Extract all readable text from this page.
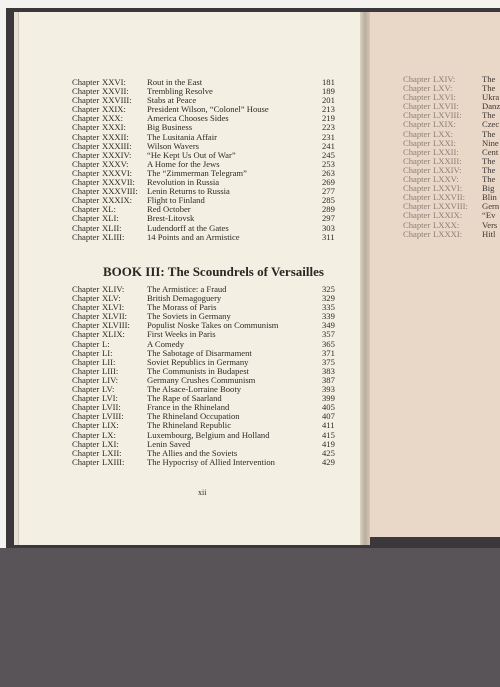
Chapter XXVI: Rout in the East	181
Chapter XXVII: Trembling Resolve	189
Chapter XXVIII: Stabs at Peace	201
Chapter XXIX: President Wilson, “Colonel” House	213
Chapter XXX:	America Chooses Sides	219
Chapter XXXI: Big Business	223
Chapter XXXII: The Lusitania Affair	231
Chapter XXXIII: Wilson Wavers	241
Chapter XXXIV: “He Kept Us Out of War”	245
Chapter XXXV: A Home for the Jews	253
Chapter XXXVI: The “Zimmerman Telegram”	263
Chapter XXXVII: Revolution in Russia	269
Chapter XXXVIII: Lenin Returns to Russia	277
Chapter XXXIX: Flight to Finland	285
Chapter XL:	Red October	289
Chapter XLI:	Brest-Litovsk	297
Chapter XLII:	Ludendorff at the Gates	303
Chapter XLIII:	14 Points and an Armistice	311
BOOK III: The Scoundrels of Versailles
Chapter XLIV:	The Armistice: a Fraud	325
Chapter XLV:	British Demagoguery	329
Chapter XLVI:	The Morass of Paris	335
Chapter XLVII: The Soviets in Germany	339
Chapter XLVIII: Populist Noske Takes on Communism	349
Chapter XLIX:	First Weeks in Paris	357
Chapter L:	A Comedy	365
Chapter LI:	The Sabotage of Disarmament	371
Chapter LII:	Soviet Republics in Germany	375
Chapter LIII:	The Communists in Budapest	383
Chapter LIV:	Germany Crushes Communism	387
Chapter LV:	The Alsace-Lorraine Booty	393
Chapter LVI:	The Rape of Saarland	399
Chapter LVII:	France in the Rhineland	405
Chapter LVIII:	The Rhineland Occupation	407
Chapter LIX:	The Rhineland Republic	411
Chapter LX:	Luxembourg, Belgium and Holland	415
Chapter LXI:	Lenin Saved	419
Chapter LXII:	The Allies and the Soviets	425
Chapter LXIII:	The Hypocrisy of Allied Intervention	429
xii
Chapter LXIV:	The
Chapter LXV:	The
Chapter LXVI:	Ukra
Chapter LXVII:	Danz
Chapter LXVIII: The
Chapter LXIX:	Czec
Chapter LXX:	The
Chapter LXXI:	Nine
Chapter LXXII:	Cent
Chapter LXXIII: The
Chapter LXXIV: The
Chapter LXXV:	The
Chapter LXXVI: Big
Chapter LXXVII: Blin
Chapter LXXVIII: Gern
Chapter LXXIX: “Ev
Chapter LXXX:	Vers
Chapter LXXXI: Hitl
